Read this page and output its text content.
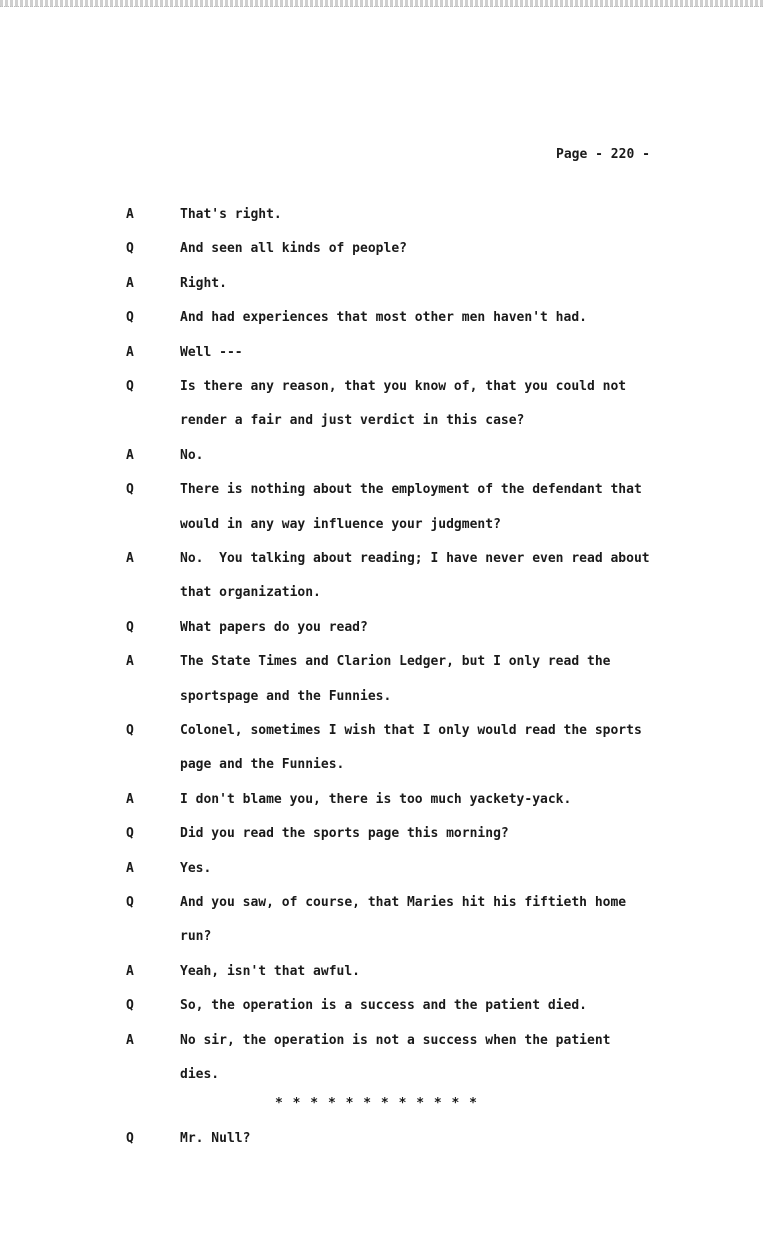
Page - 220 -
A	That's right.
Q	And seen all kinds of people?
A	Right.
Q	And had experiences that most other men haven't had.
A	Well ---
Q	Is there any reason, that you know of, that you could not
render a fair and just verdict in this case?
A	No.
Q	There is nothing about the employment of the defendant that
would in any way influence your judgment?
A	No.  You talking about reading; I have never even read about
that organization.
Q	What papers do you read?
A	The State Times and Clarion Ledger, but I only read the
sportspage and the Funnies.
Q	Colonel, sometimes I wish that I only would read the sports
page and the Funnies.
A	I don't blame you, there is too much yackety-yack.
Q	Did you read the sports page this morning?
A	Yes.
Q	And you saw, of course, that Maries hit his fiftieth home
run?
A	Yeah, isn't that awful.
Q	So, the operation is a success and the patient died.
A	No sir, the operation is not a success when the patient
dies.
* * * * * * * * * * * *
Q	Mr. Null?
